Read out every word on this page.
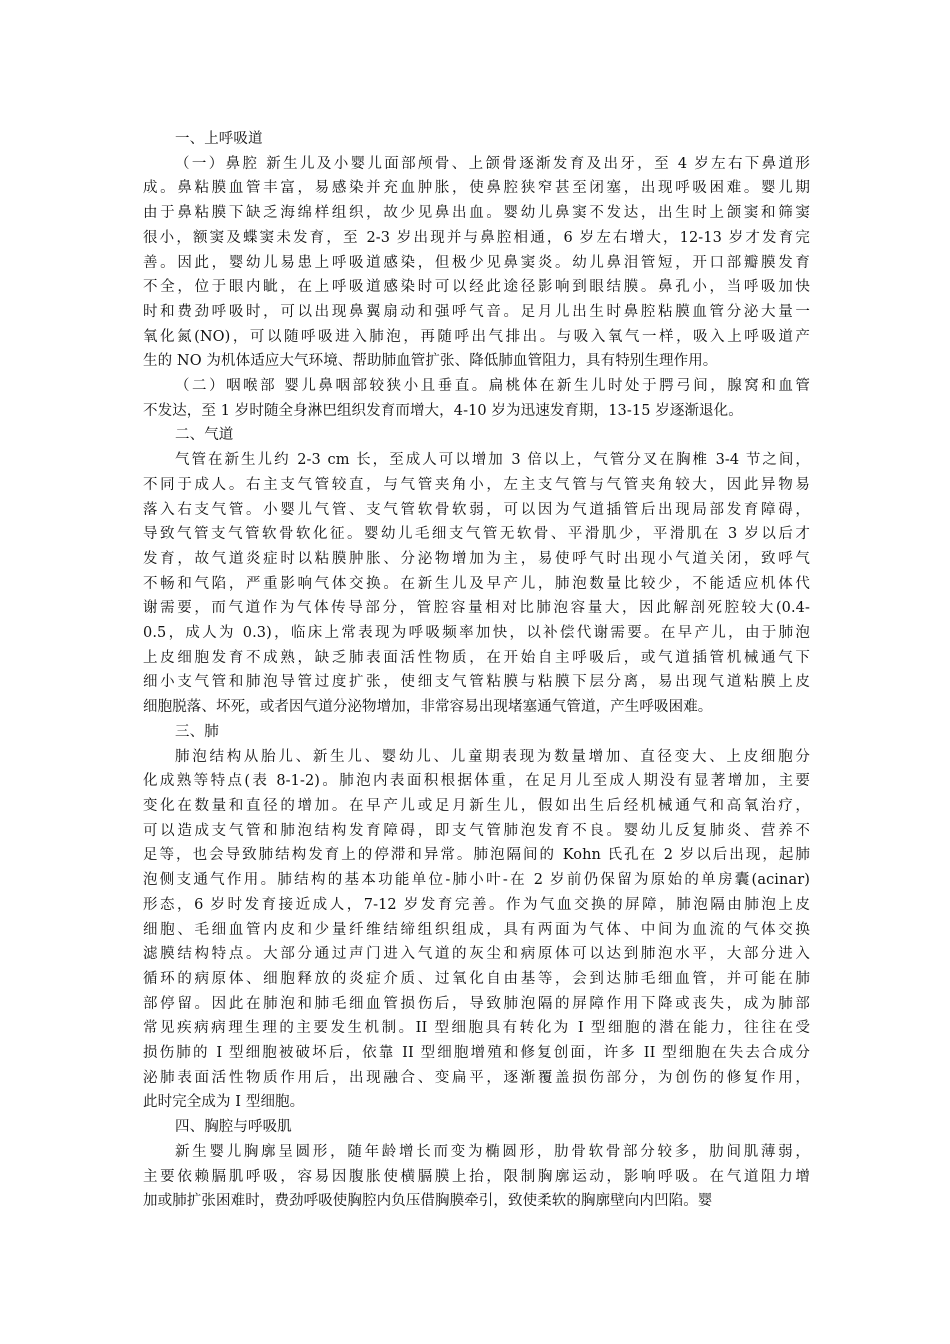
一、上呼吸道
（一）鼻腔 新生儿及小婴儿面部颅骨、上颌骨逐渐发育及出牙，至 4 岁左右下鼻道形
成。鼻粘膜血管丰富，易感染并充血肿胀，使鼻腔狭窄甚至闭塞，出现呼吸困难。婴儿期
由于鼻粘膜下缺乏海绵样组织，故少见鼻出血。婴幼儿鼻窦不发达，出生时上颌窦和筛窦
很小，额窦及蝶窦未发育，至 2-3 岁出现并与鼻腔相通，6 岁左右增大，12-13 岁才发育完
善。因此，婴幼儿易患上呼吸道感染，但极少见鼻窦炎。幼儿鼻泪管短，开口部瓣膜发育
不全，位于眼内眦，在上呼吸道感染时可以经此途径影响到眼结膜。鼻孔小，当呼吸加快
时和费劲呼吸时，可以出现鼻翼扇动和强呼气音。足月儿出生时鼻腔粘膜血管分泌大量一
氧化氮(NO)，可以随呼吸进入肺泡，再随呼出气排出。与吸入氧气一样，吸入上呼吸道产
生的 NO 为机体适应大气环境、帮助肺血管扩张、降低肺血管阻力，具有特别生理作用。
（二）咽喉部 婴儿鼻咽部较狭小且垂直。扁桃体在新生儿时处于腭弓间，腺窝和血管
不发达，至 1 岁时随全身淋巴组织发育而增大，4-10 岁为迅速发育期，13-15 岁逐渐退化。
二、气道
气管在新生儿约 2-3 cm 长，至成人可以增加 3 倍以上，气管分叉在胸椎 3-4 节之间，
不同于成人。右主支气管较直，与气管夹角小，左主支气管与气管夹角较大，因此异物易
落入右支气管。小婴儿气管、支气管软骨软弱，可以因为气道插管后出现局部发育障碍，
导致气管支气管软骨软化征。婴幼儿毛细支气管无软骨、平滑肌少，平滑肌在 3 岁以后才
发育，故气道炎症时以粘膜肿胀、分泌物增加为主，易使呼气时出现小气道关闭，致呼气
不畅和气陷，严重影响气体交换。在新生儿及早产儿，肺泡数量比较少，不能适应机体代
谢需要，而气道作为气体传导部分，管腔容量相对比肺泡容量大，因此解剖死腔较大(0.4-
0.5，成人为 0.3)，临床上常表现为呼吸频率加快，以补偿代谢需要。在早产儿，由于肺泡
上皮细胞发育不成熟，缺乏肺表面活性物质，在开始自主呼吸后，或气道插管机械通气下
细小支气管和肺泡导管过度扩张，使细支气管粘膜与粘膜下层分离，易出现气道粘膜上皮
细胞脱落、坏死，或者因气道分泌物增加，非常容易出现堵塞通气管道，产生呼吸困难。
三、肺
肺泡结构从胎儿、新生儿、婴幼儿、儿童期表现为数量增加、直径变大、上皮细胞分
化成熟等特点(表 8-1-2)。肺泡内表面积根据体重，在足月儿至成人期没有显著增加，主要
变化在数量和直径的增加。在早产儿或足月新生儿，假如出生后经机械通气和高氧治疗，
可以造成支气管和肺泡结构发育障碍，即支气管肺泡发育不良。婴幼儿反复肺炎、营养不
足等，也会导致肺结构发育上的停滞和异常。肺泡隔间的 Kohn 氏孔在 2 岁以后出现，起肺
泡侧支通气作用。肺结构的基本功能单位-肺小叶-在 2 岁前仍保留为原始的单房囊(acinar)
形态，6 岁时发育接近成人，7-12 岁发育完善。作为气血交换的屏障，肺泡隔由肺泡上皮
细胞、毛细血管内皮和少量纤维结缔组织组成，具有两面为气体、中间为血流的气体交换
滤膜结构特点。大部分通过声门进入气道的灰尘和病原体可以达到肺泡水平，大部分进入
循环的病原体、细胞释放的炎症介质、过氧化自由基等，会到达肺毛细血管，并可能在肺
部停留。因此在肺泡和肺毛细血管损伤后，导致肺泡隔的屏障作用下降或丧失，成为肺部
常见疾病病理生理的主要发生机制。II 型细胞具有转化为 I 型细胞的潜在能力，往往在受
损伤肺的 I 型细胞被破坏后，依靠 II 型细胞增殖和修复创面，许多 II 型细胞在失去合成分
泌肺表面活性物质作用后，出现融合、变扁平，逐渐覆盖损伤部分，为创伤的修复作用，
此时完全成为 I 型细胞。
四、胸腔与呼吸肌
新生婴儿胸廓呈圆形，随年龄增长而变为椭圆形，肋骨软骨部分较多，肋间肌薄弱，
主要依赖膈肌呼吸，容易因腹胀使横膈膜上抬，限制胸廓运动，影响呼吸。在气道阻力增
加或肺扩张困难时，费劲呼吸使胸腔内负压借胸膜牵引，致使柔软的胸廓壁向内凹陷。婴
